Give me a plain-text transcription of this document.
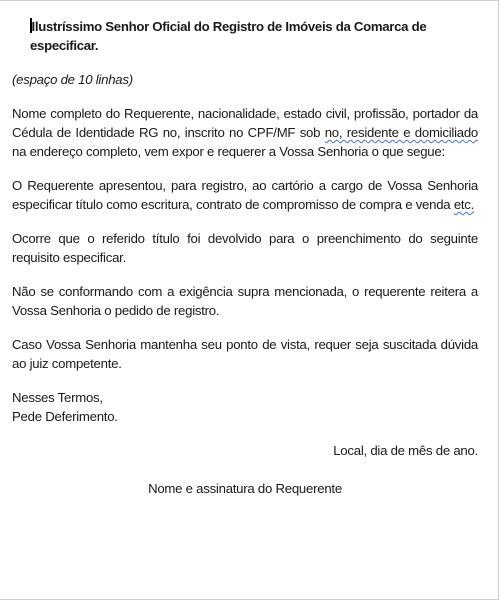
Ilustríssimo Senhor Oficial do Registro de Imóveis da Comarca de especificar.
(espaço de 10 linhas)
Nome completo do Requerente, nacionalidade, estado civil, profissão, portador da Cédula de Identidade RG no, inscrito no CPF/MF sob no, residente e domiciliado na endereço completo, vem expor e requerer a Vossa Senhoria o que segue:
O Requerente apresentou, para registro, ao cartório a cargo de Vossa Senhoria especificar título como escritura, contrato de compromisso de compra e venda etc.
Ocorre que o referido título foi devolvido para o preenchimento do seguinte requisito especificar.
Não se conformando com a exigência supra mencionada, o requerente reitera a Vossa Senhoria o pedido de registro.
Caso Vossa Senhoria mantenha seu ponto de vista, requer seja suscitada dúvida ao juiz competente.
Nesses Termos,
Pede Deferimento.
Local, dia de mês de ano.
Nome e assinatura do Requerente
